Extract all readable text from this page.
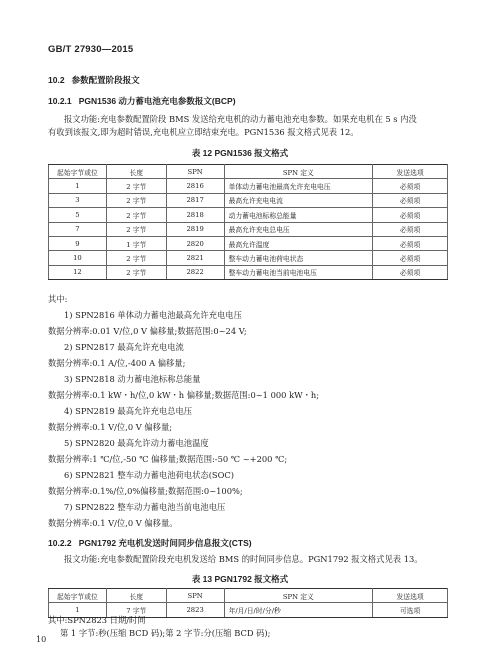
GB/T 27930—2015
10.2 参数配置阶段报文
10.2.1 PGN1536 动力蓄电池充电参数报文(BCP)
报文功能:充电参数配置阶段 BMS 发送给充电机的动力蓄电池充电参数。如果充电机在 5 s 内没
有收到该报文,即为超时错误,充电机应立即结束充电。PGN1536 报文格式见表 12。
表 12 PGN1536 报文格式
起始字节或位	长度	SPN	SPN 定义	发送选项
1	2 字节	2816	单体动力蓄电池最高允许充电电压	必须项
3	2 字节	2817	最高允许充电电流	必须项
5	2 字节	2818	动力蓄电池标称总能量	必须项
7	2 字节	2819	最高允许充电总电压	必须项
9	1 字节	2820	最高允许温度	必须项
10	2 字节	2821	整车动力蓄电池荷电状态	必须项
12	2 字节	2822	整车动力蓄电池当前电池电压	必须项
其中:
1) SPN2816 单体动力蓄电池最高允许充电电压
数据分辨率:0.01 V/位,0 V 偏移量;数据范围:0~24 V;
2) SPN2817 最高允许充电电流
数据分辨率:0.1 A/位,-400 A 偏移量;
3) SPN2818 动力蓄电池标称总能量
数据分辨率:0.1 kW・h/位,0 kW・h 偏移量;数据范围:0~1 000 kW・h;
4) SPN2819 最高允许充电总电压
数据分辨率:0.1 V/位,0 V 偏移量;
5) SPN2820 最高允许动力蓄电池温度
数据分辨率:1 ℃/位,-50 ℃ 偏移量;数据范围:-50 ℃ ~+200 ℃;
6) SPN2821 整车动力蓄电池荷电状态(SOC)
数据分辨率:0.1%/位,0%偏移量;数据范围:0~100%;
7) SPN2822 整车动力蓄电池当前电池电压
数据分辨率:0.1 V/位,0 V 偏移量。
10.2.2 PGN1792 充电机发送时间同步信息报文(CTS)
报文功能:充电参数配置阶段充电机发送给 BMS 的时间同步信息。PGN1792 报文格式见表 13。
表 13 PGN1792 报文格式
起始字节或位	长度	SPN	SPN 定义	发送选项
1	7 字节	2823	年/月/日/时/分/秒	可选项
其中:SPN2823 日期/时间
第 1 字节:秒(压缩 BCD 码);第 2 字节:分(压缩 BCD 码);
10
